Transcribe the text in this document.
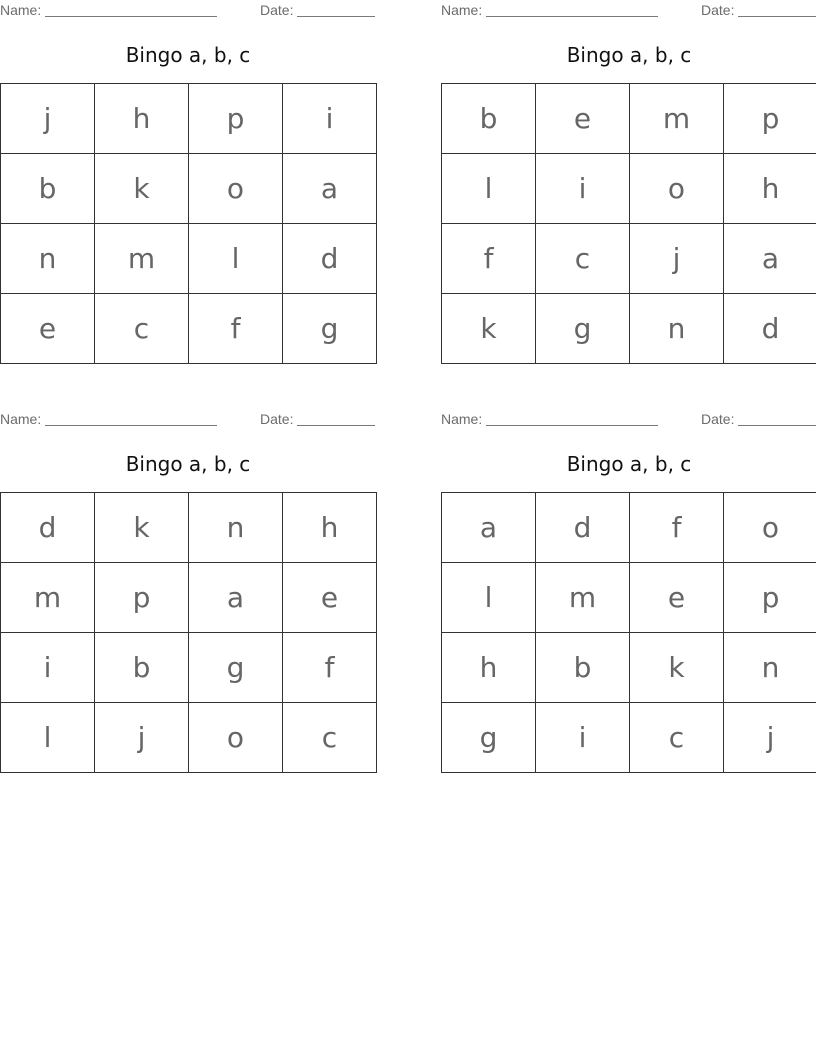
Name:	Date:
Bingo a, b, c
j	h	p	i
b	k	o	a
n	m	l	d
e	c	f	g
Name:	Date:
Bingo a, b, c
b	e	m	p
l	i	o	h
f	c	j	a
k	g	n	d
Name:	Date:
Bingo a, b, c
d	k	n	h
m	p	a	e
i	b	g	f
l	j	o	c
Name:	Date:
Bingo a, b, c
a	d	f	o
l	m	e	p
h	b	k	n
g	i	c	j
